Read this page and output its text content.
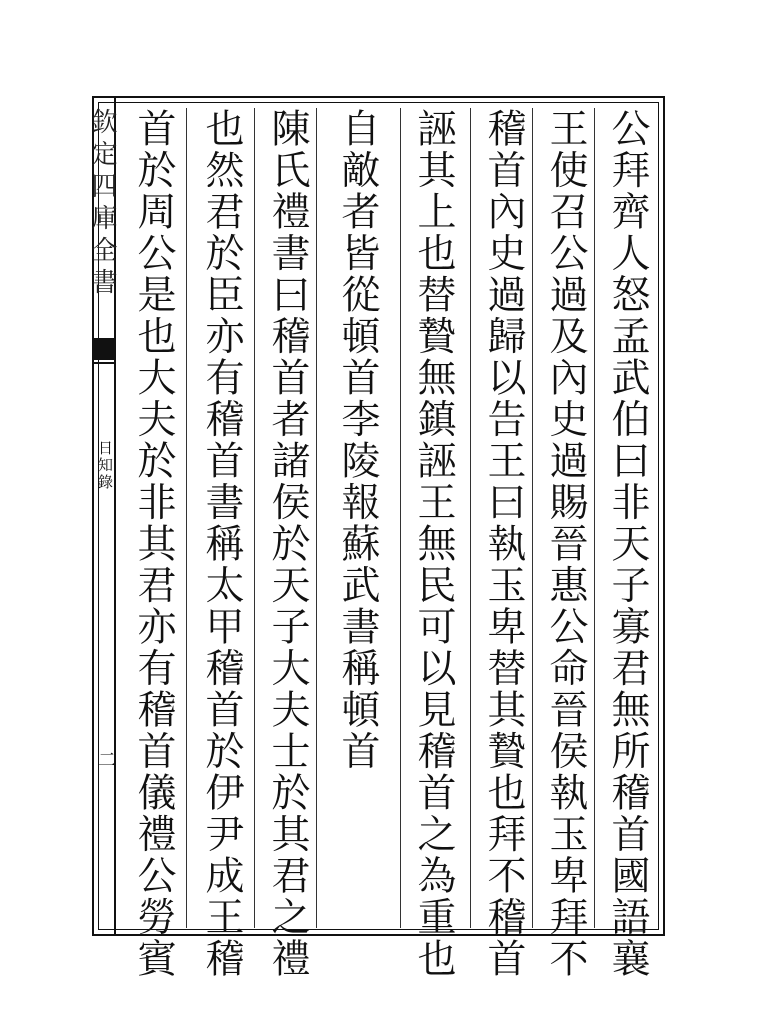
欽定四庫全書
日知錄
二	公拜齊人怒孟武伯曰非天子寡君無所稽首國語襄
王使召公過及內史過賜晉惠公命晉侯執玉卑拜不
稽首內史過歸以告王曰執玉卑替其贄也拜不稽首
誣其上也替贄無鎮誣王無民可以見稽首之為重也
自敵者皆從頓首李陵報蘇武書稱頓首
陳氏禮書曰稽首者諸侯於天子大夫士於其君之禮
也然君於臣亦有稽首書稱太甲稽首於伊尹成王稽
首於周公是也大夫於非其君亦有稽首儀禮公勞賓
